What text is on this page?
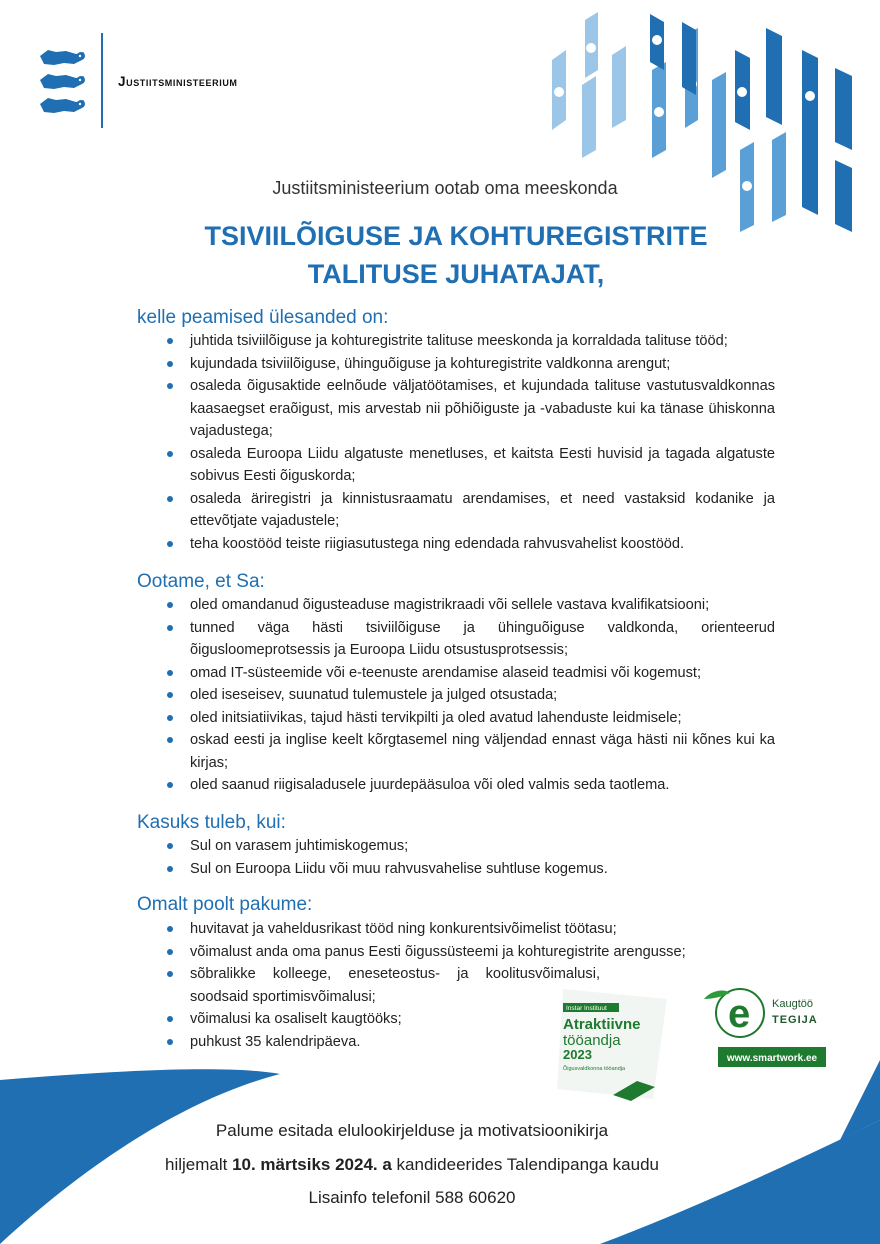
Justiitsministeerium
Justiitsministeerium ootab oma meeskonda
TSIVIILÕIGUSE JA KOHTUREGISTRITE
TALITUSE JUHATAJAT,
kelle peamised ülesanded on:
juhtida tsiviilõiguse ja kohturegistrite talituse meeskonda ja korraldada talituse tööd;
kujundada tsiviilõiguse, ühinguõiguse ja kohturegistrite valdkonna arengut;
osaleda õigusaktide eelnõude väljatöötamises, et kujundada talituse vastutusvaldkonnas kaasaegset eraõigust, mis arvestab nii põhiõiguste ja -vabaduste kui ka tänase ühiskonna vajadustega;
osaleda Euroopa Liidu algatuste menetluses, et kaitsta Eesti huvisid ja tagada algatuste sobivus Eesti õiguskorda;
osaleda äriregistri ja kinnistusraamatu arendamises, et need vastaksid kodanike ja ettevõtjate vajadustele;
teha koostööd teiste riigiasutustega ning edendada rahvusvahelist koostööd.
Ootame, et Sa:
oled omandanud õigusteaduse magistrikraadi või sellele vastava kvalifikatsiooni;
tunned väga hästi tsiviilõiguse ja ühinguõiguse valdkonda, orienteerud õigusloomeprotsessis ja Euroopa Liidu otsustusprotsessis;
omad IT-süsteemide või e-teenuste arendamise alaseid teadmisi või kogemust;
oled iseseisev, suunatud tulemustele ja julged otsustada;
oled initsiatiivikas, tajud hästi tervikpilti ja oled avatud lahenduste leidmisele;
oskad eesti ja inglise keelt kõrgtasemel ning väljendad ennast väga hästi nii kõnes kui ka kirjas;
oled saanud riigisaladusele juurdepääsuloa või oled valmis seda taotlema.
Kasuks tuleb, kui:
Sul on varasem juhtimiskogemus;
Sul on Euroopa Liidu või muu rahvusvahelise suhtluse kogemus.
Omalt poolt pakume:
huvitavat ja vaheldusrikast tööd ning konkurentsivõimelist töötasu;
võimalust anda oma panus Eesti õigussüsteemi ja kohturegistrite arengusse;
sõbralikke kolleege, eneseteostus- ja koolitusvõimalusi, soodsaid sportimisvõimalusi;
võimalusi ka osaliselt kaugtööks;
puhkust 35 kalendripäeva.
Instar Instituut
Atraktiivne
tööandja
2023
Õigusvaldkonna tööandja
e Kaugtöö
TEGIJA
www.smartwork.ee
Palume esitada elulookirjelduse ja motivatsioonikirja
hiljemalt 10. märtsiks 2024. a kandideerides Talendipanga kaudu
Lisainfo telefonil 588 60620
